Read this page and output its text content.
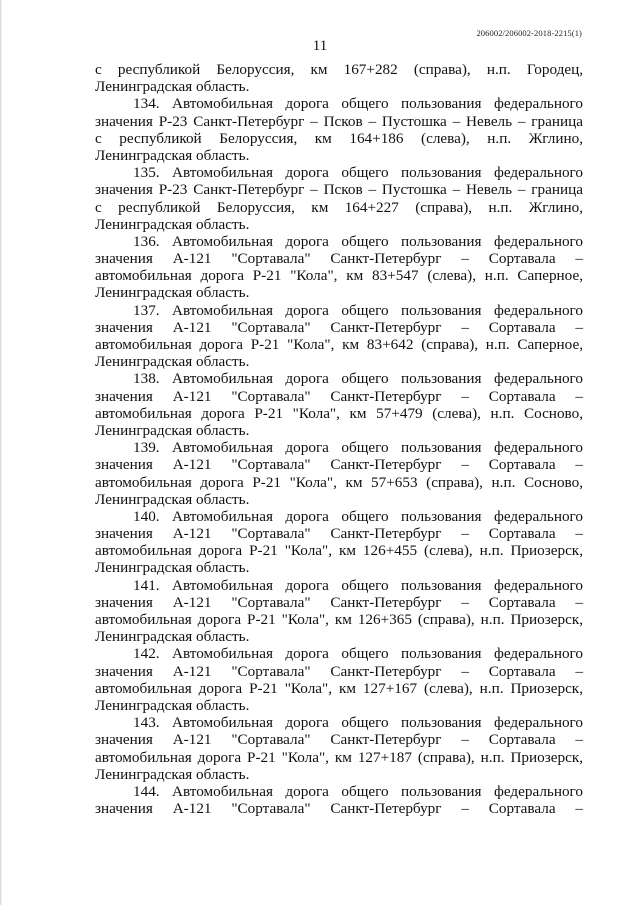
206002/206002-2018-2215(1)
11
с республикой Белоруссия, км 167+282 (справа), н.п. Городец,
Ленинградская область.
134. Автомобильная дорога общего пользования федерального
значения Р-23 Санкт-Петербург – Псков – Пустошка – Невель – граница
с республикой Белоруссия, км 164+186 (слева), н.п. Жглино,
Ленинградская область.
135. Автомобильная дорога общего пользования федерального
значения Р-23 Санкт-Петербург – Псков – Пустошка – Невель – граница
с республикой Белоруссия, км 164+227 (справа), н.п. Жглино,
Ленинградская область.
136. Автомобильная дорога общего пользования федерального
значения А-121 "Сортавала" Санкт-Петербург – Сортавала –
автомобильная дорога Р-21 "Кола", км 83+547 (слева), н.п. Саперное,
Ленинградская область.
137. Автомобильная дорога общего пользования федерального
значения А-121 "Сортавала" Санкт-Петербург – Сортавала –
автомобильная дорога Р-21 "Кола", км 83+642 (справа), н.п. Саперное,
Ленинградская область.
138. Автомобильная дорога общего пользования федерального
значения А-121 "Сортавала" Санкт-Петербург – Сортавала –
автомобильная дорога Р-21 "Кола", км 57+479 (слева), н.п. Сосново,
Ленинградская область.
139. Автомобильная дорога общего пользования федерального
значения А-121 "Сортавала" Санкт-Петербург – Сортавала –
автомобильная дорога Р-21 "Кола", км 57+653 (справа), н.п. Сосново,
Ленинградская область.
140. Автомобильная дорога общего пользования федерального
значения А-121 "Сортавала" Санкт-Петербург – Сортавала –
автомобильная дорога Р-21 "Кола", км 126+455 (слева), н.п. Приозерск,
Ленинградская область.
141. Автомобильная дорога общего пользования федерального
значения А-121 "Сортавала" Санкт-Петербург – Сортавала –
автомобильная дорога Р-21 "Кола", км 126+365 (справа), н.п. Приозерск,
Ленинградская область.
142. Автомобильная дорога общего пользования федерального
значения А-121 "Сортавала" Санкт-Петербург – Сортавала –
автомобильная дорога Р-21 "Кола", км 127+167 (слева), н.п. Приозерск,
Ленинградская область.
143. Автомобильная дорога общего пользования федерального
значения А-121 "Сортавала" Санкт-Петербург – Сортавала –
автомобильная дорога Р-21 "Кола", км 127+187 (справа), н.п. Приозерск,
Ленинградская область.
144. Автомобильная дорога общего пользования федерального
значения А-121 "Сортавала" Санкт-Петербург – Сортавала –
